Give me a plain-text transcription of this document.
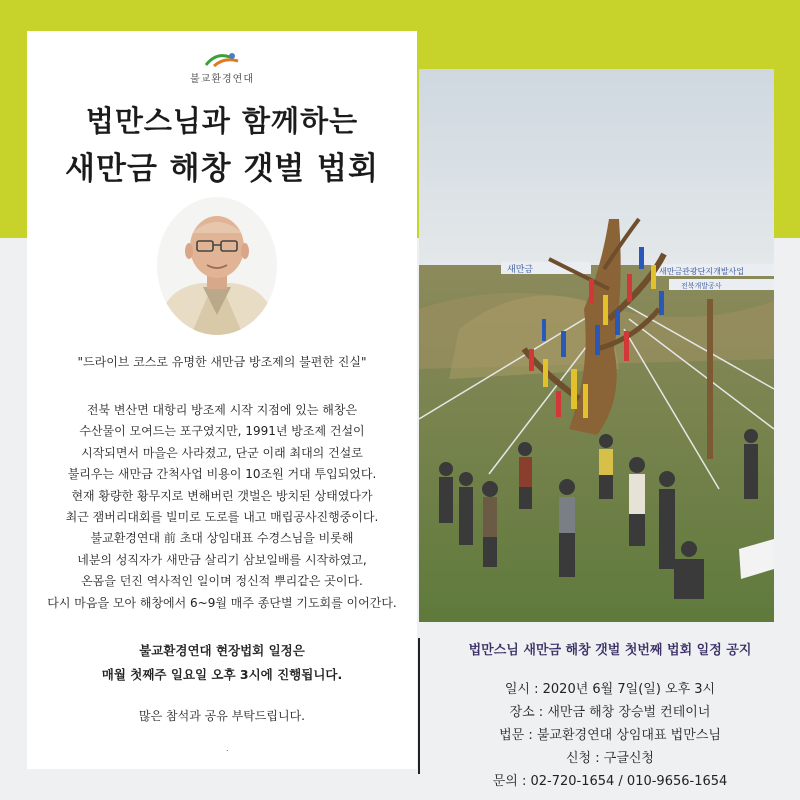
불교환경연대
법만스님과 함께하는
새만금 해창 갯벌 법회
"드라이브 코스로 유명한 새만금 방조제의 불편한 진실"

전북 변산면 대항리 방조제 시작 지점에 있는 해창은

수산물이 모여드는 포구였지만, 1991년 방조제 건설이

시작되면서 마을은 사라졌고, 단군 이래 최대의 건설로

불리우는 새만금 간척사업 비용이 10조원 거대 투입되었다.

현재 황량한 황무지로 변해버린 갯벌은 방치된 상태였다가

최근 잼버리대회를 빌미로 도로를 내고 매립공사진행중이다.

불교환경연대 前 초대 상임대표 수경스님을 비롯해

네분의 성직자가 새만금 살리기 삼보일배를 시작하였고,

온몸을 던진 역사적인 일이며 정신적 뿌리같은 곳이다.

다시 마음을 모아 해창에서 6~9월 매주 종단별 기도회를 이어간다.

불교환경연대 현장법회 일정은

매월 첫째주 일요일 오후 3시에 진행됩니다.

많은 참석과 공유 부탁드립니다.
.
새만금	새만금관광단지개발사업
전북개발공사
법만스님 새만금 해창 갯벌 첫번째 법회 일정 공지
일시 : 2020년 6월 7일(일) 오후 3시
장소 : 새만금 해창 장승벌 컨테이너
법문 : 불교환경연대 상임대표 법만스님
신청 : 구글신청
문의 : 02-720-1654 / 010-9656-1654
